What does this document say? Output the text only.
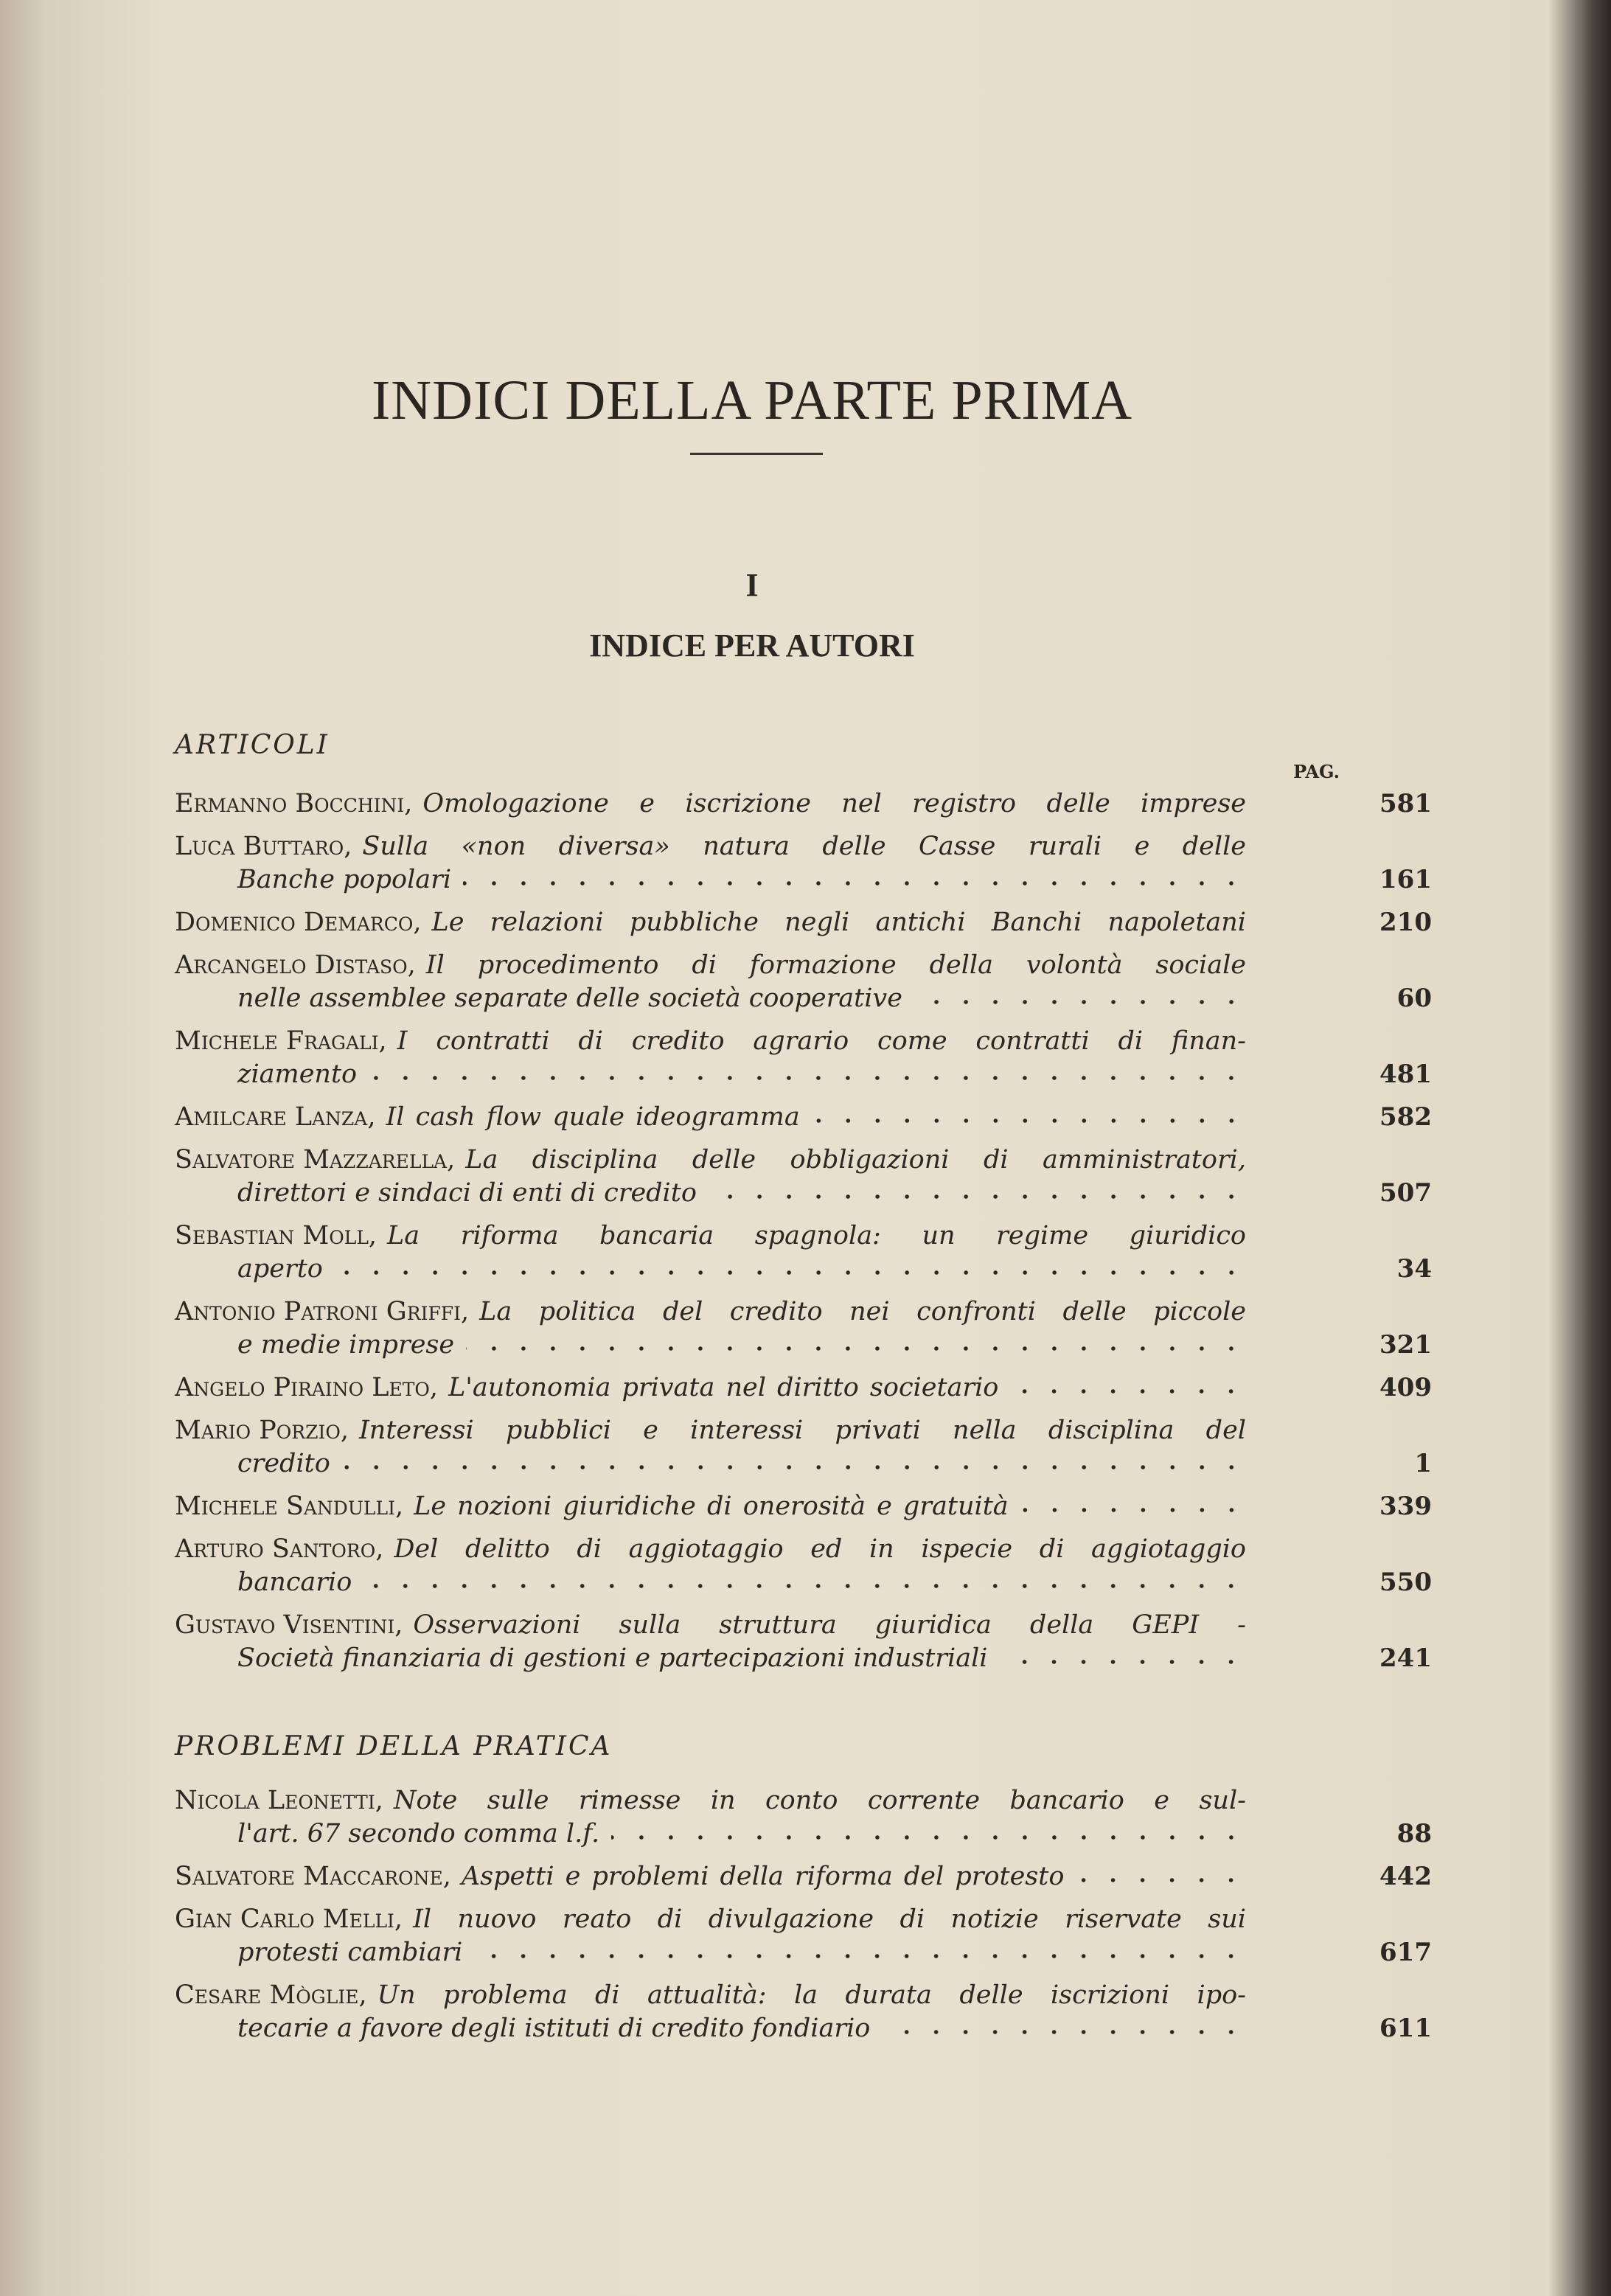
INDICI DELLA PARTE PRIMA
I
INDICE PER AUTORI
ARTICOLI
PAG.
Ermanno Bocchini, Omologazione e iscrizione nel registro delle imprese	581
Luca Buttaro, Sulla «non diversa» natura delle Casse rurali e delle
Banche popolari	161
Domenico Demarco, Le relazioni pubbliche negli antichi Banchi napoletani	210
Arcangelo Distaso, Il procedimento di formazione della volontà sociale
nelle assemblee separate delle società cooperative	60
Michele Fragali, I contratti di credito agrario come contratti di finan-
ziamento	481
Amilcare Lanza, Il cash flow quale ideogramma	582
Salvatore Mazzarella, La disciplina delle obbligazioni di amministratori,
direttori e sindaci di enti di credito	507
Sebastian Moll, La riforma bancaria spagnola: un regime giuridico
aperto	34
Antonio Patroni Griffi, La politica del credito nei confronti delle piccole
e medie imprese	321
Angelo Piraino Leto, L'autonomia privata nel diritto societario	409
Mario Porzio, Interessi pubblici e interessi privati nella disciplina del
credito	1
Michele Sandulli, Le nozioni giuridiche di onerosità e gratuità	339
Arturo Santoro, Del delitto di aggiotaggio ed in ispecie di aggiotaggio
bancario	550
Gustavo Visentini, Osservazioni sulla struttura giuridica della GEPI -
Società finanziaria di gestioni e partecipazioni industriali	241
PROBLEMI DELLA PRATICA
Nicola Leonetti, Note sulle rimesse in conto corrente bancario e sul-
l'art. 67 secondo comma l.f.	88
Salvatore Maccarone, Aspetti e problemi della riforma del protesto	442
Gian Carlo Melli, Il nuovo reato di divulgazione di notizie riservate sui
protesti cambiari	617
Cesare Mòglie, Un problema di attualità: la durata delle iscrizioni ipo-
tecarie a favore degli istituti di credito fondiario	611
